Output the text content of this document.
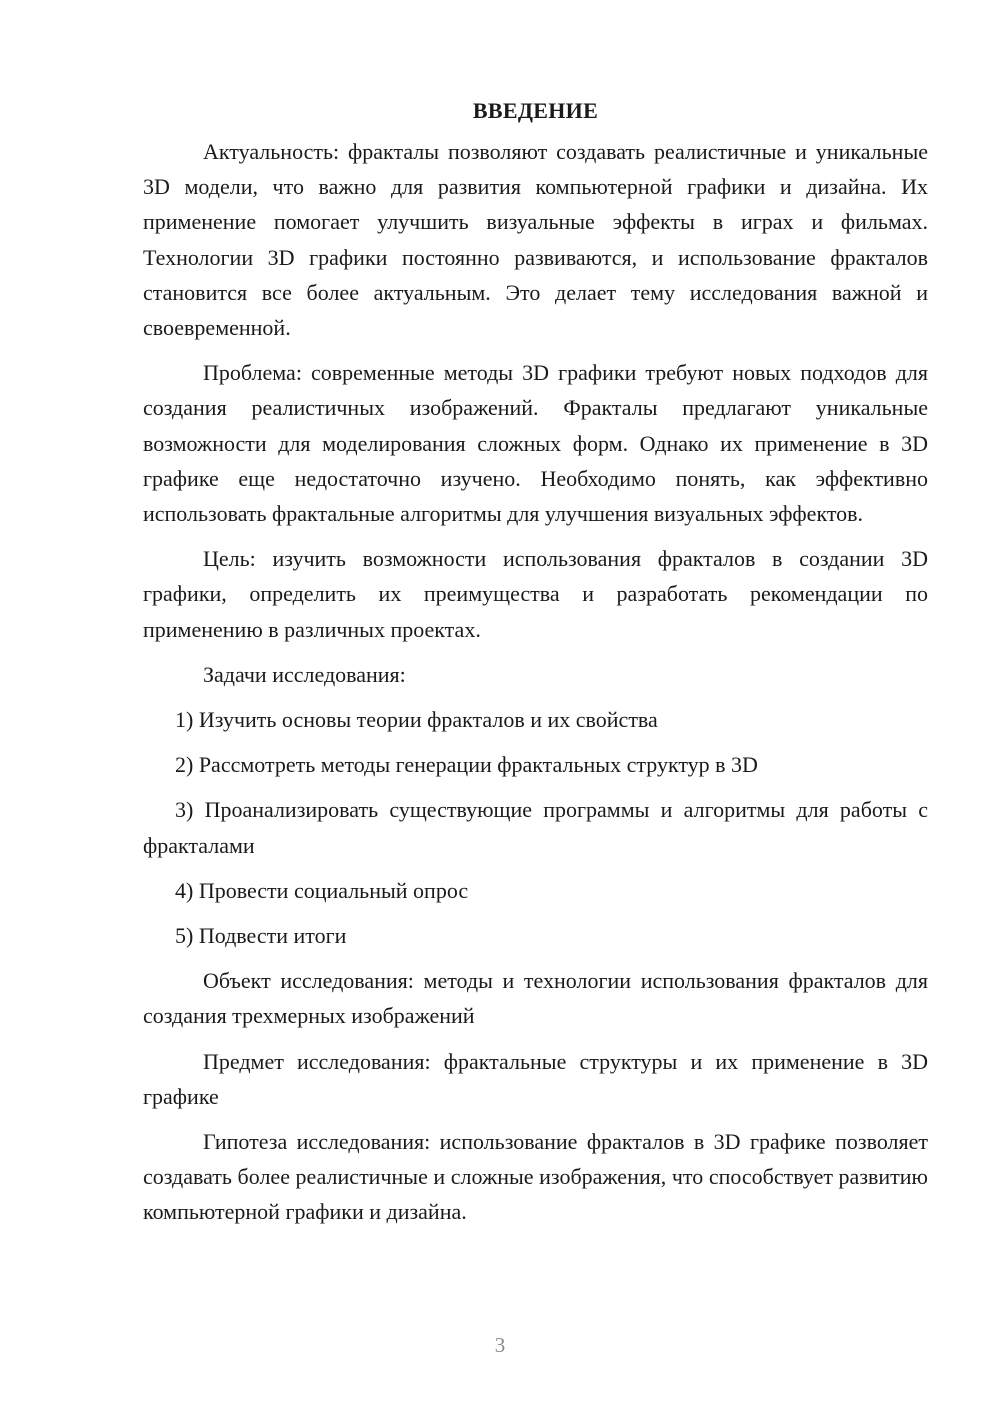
ВВЕДЕНИЕ

Актуальность: фракталы позволяют создавать реалистичные и уникальные 3D модели, что важно для развития компьютерной графики и дизайна. Их применение помогает улучшить визуальные эффекты в играх и фильмах. Технологии 3D графики постоянно развиваются, и использование фракталов становится все более актуальным. Это делает тему исследования важной и своевременной.

Проблема: современные методы 3D графики требуют новых подходов для создания реалистичных изображений. Фракталы предлагают уникальные возможности для моделирования сложных форм. Однако их применение в 3D графике еще недостаточно изучено. Необходимо понять, как эффективно использовать фрактальные алгоритмы для улучшения визуальных эффектов.

Цель: изучить возможности использования фракталов в создании 3D графики, определить их преимущества и разработать рекомендации по применению в различных проектах.

Задачи исследования:

1) Изучить основы теории фракталов и их свойства

2) Рассмотреть методы генерации фрактальных структур в 3D

3) Проанализировать существующие программы и алгоритмы для работы с фракталами

4) Провести социальный опрос

5) Подвести итоги

Объект исследования: методы и технологии использования фракталов для создания трехмерных изображений

Предмет исследования: фрактальные структуры и их применение в 3D графике

Гипотеза исследования: использование фракталов в 3D графике позволяет создавать более реалистичные и сложные изображения, что способствует развитию компьютерной графики и дизайна.

3
